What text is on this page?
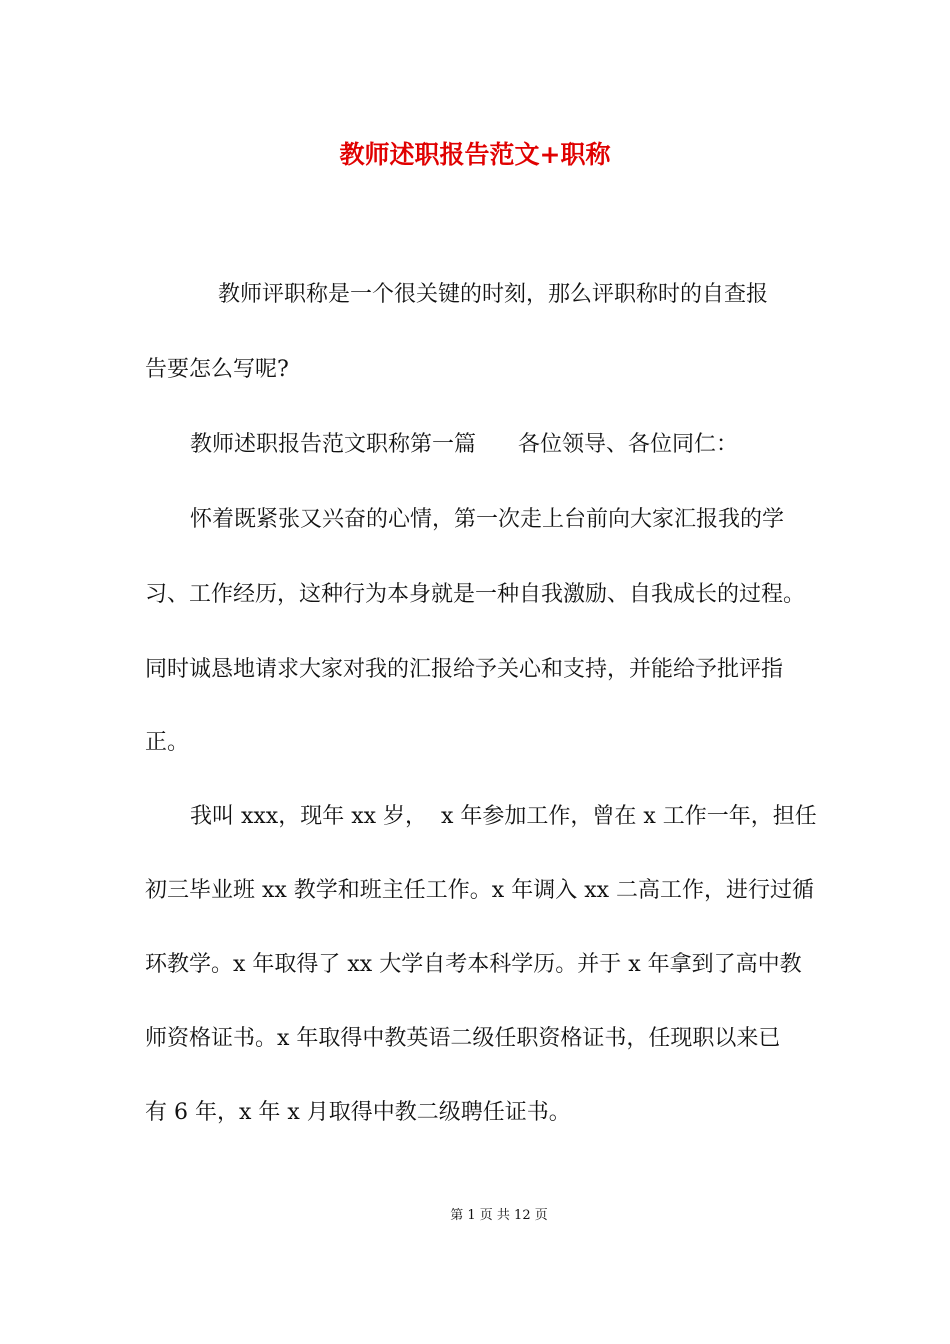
教师述职报告范文+职称
教师评职称是一个很关键的时刻，那么评职称时的自查报
告要怎么写呢?
教师述职报告范文职称第一篇      各位领导、各位同仁：
怀着既紧张又兴奋的心情，第一次走上台前向大家汇报我的学
习、工作经历，这种行为本身就是一种自我激励、自我成长的过程。
同时诚恳地请求大家对我的汇报给予关心和支持，并能给予批评指
正。
我叫 xxx，现年 xx 岁，  x 年参加工作，曾在 x 工作一年，担任
初三毕业班 xx 教学和班主任工作。x 年调入 xx 二高工作，进行过循
环教学。x 年取得了 xx 大学自考本科学历。并于 x 年拿到了高中教
师资格证书。x 年取得中教英语二级任职资格证书，任现职以来已
有 6 年，x 年 x 月取得中教二级聘任证书。
第 1 页 共 12 页
